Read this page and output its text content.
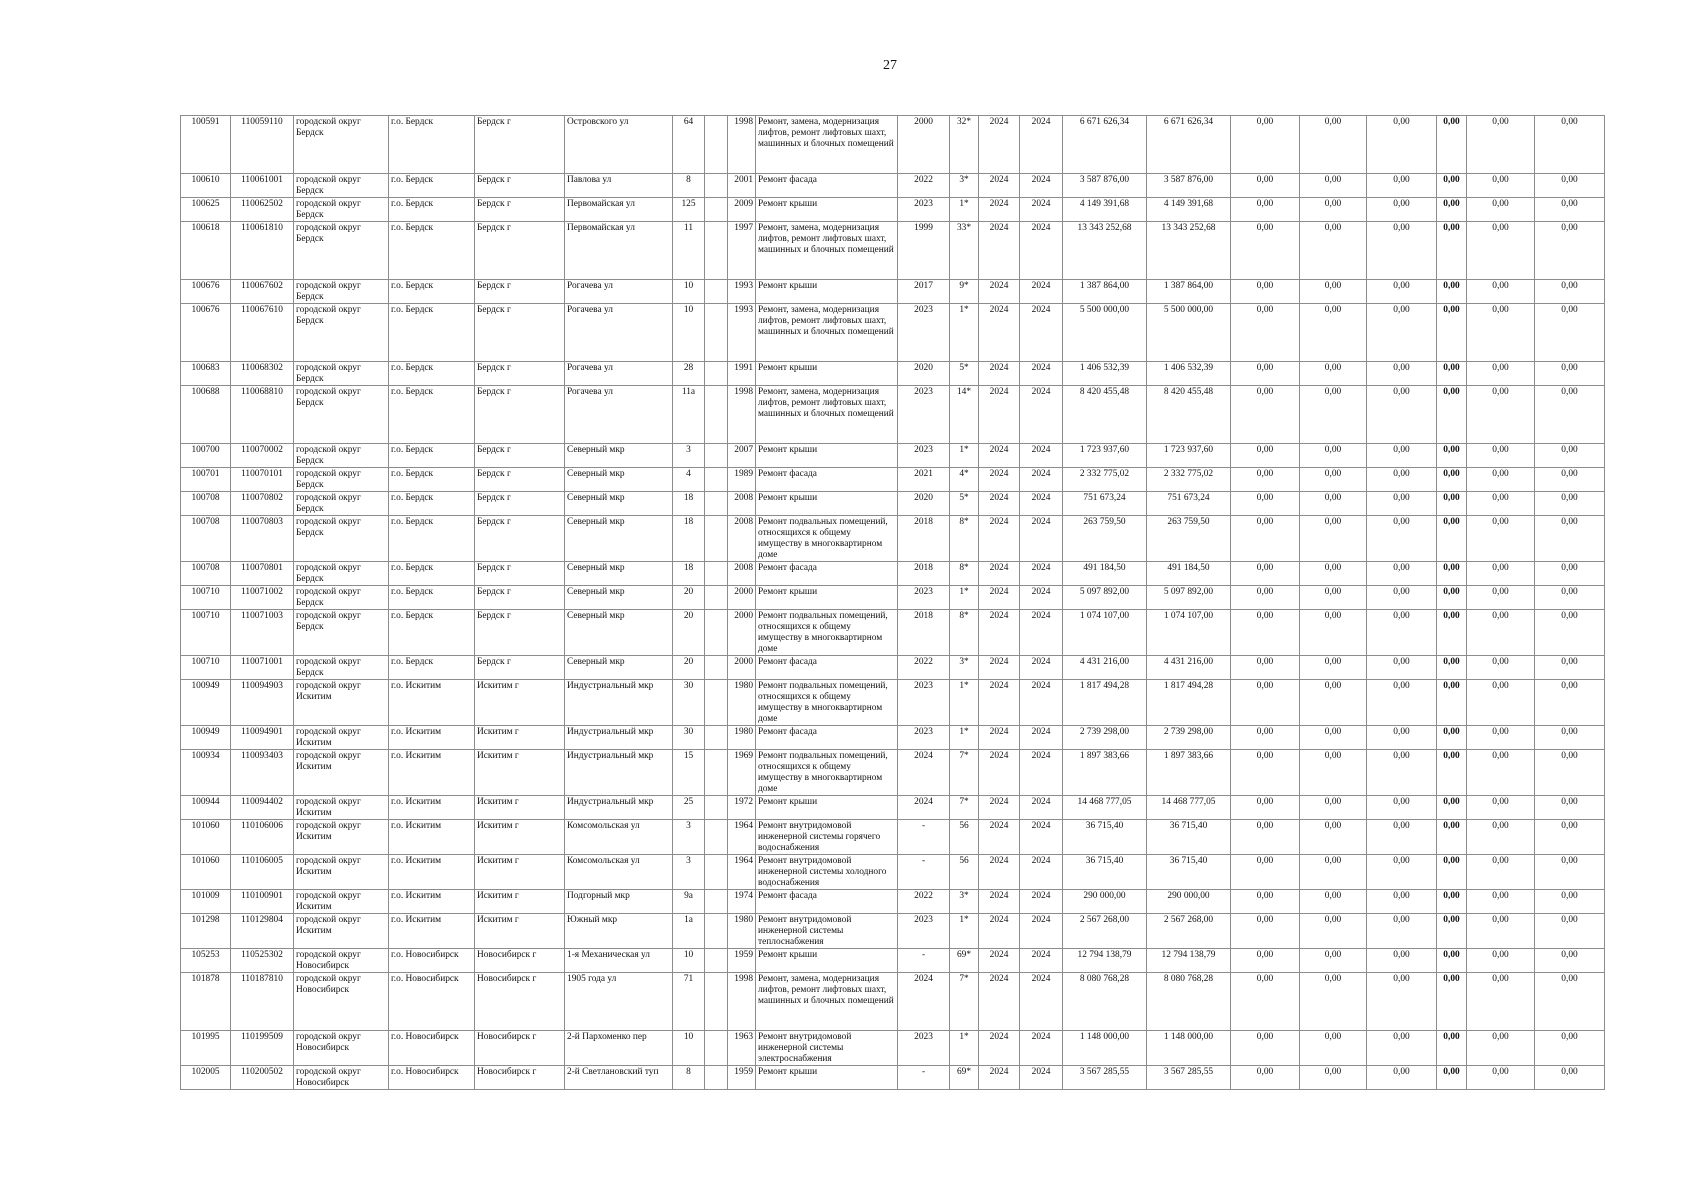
27
100591	110059110	городской округ Бердск	г.о. Бердск	Бердск г	Островского ул	64		1998	Ремонт, замена, модернизация лифтов, ремонт лифтовых шахт, машинных и блочных помещений	2000	32*	2024	2024	6 671 626,34	6 671 626,34	0,00	0,00	0,00	0,00	0,00	0,00
100610	110061001	городской округ Бердск	г.о. Бердск	Бердск г	Павлова ул	8		2001	Ремонт фасада	2022	3*	2024	2024	3 587 876,00	3 587 876,00	0,00	0,00	0,00	0,00	0,00	0,00
100625	110062502	городской округ Бердск	г.о. Бердск	Бердск г	Первомайская ул	125		2009	Ремонт крыши	2023	1*	2024	2024	4 149 391,68	4 149 391,68	0,00	0,00	0,00	0,00	0,00	0,00
100618	110061810	городской округ Бердск	г.о. Бердск	Бердск г	Первомайская ул	11		1997	Ремонт, замена, модернизация лифтов, ремонт лифтовых шахт, машинных и блочных помещений	1999	33*	2024	2024	13 343 252,68	13 343 252,68	0,00	0,00	0,00	0,00	0,00	0,00
100676	110067602	городской округ Бердск	г.о. Бердск	Бердск г	Рогачева ул	10		1993	Ремонт крыши	2017	9*	2024	2024	1 387 864,00	1 387 864,00	0,00	0,00	0,00	0,00	0,00	0,00
100676	110067610	городской округ Бердск	г.о. Бердск	Бердск г	Рогачева ул	10		1993	Ремонт, замена, модернизация лифтов, ремонт лифтовых шахт, машинных и блочных помещений	2023	1*	2024	2024	5 500 000,00	5 500 000,00	0,00	0,00	0,00	0,00	0,00	0,00
100683	110068302	городской округ Бердск	г.о. Бердск	Бердск г	Рогачева ул	28		1991	Ремонт крыши	2020	5*	2024	2024	1 406 532,39	1 406 532,39	0,00	0,00	0,00	0,00	0,00	0,00
100688	110068810	городской округ Бердск	г.о. Бердск	Бердск г	Рогачева ул	11а		1998	Ремонт, замена, модернизация лифтов, ремонт лифтовых шахт, машинных и блочных помещений	2023	14*	2024	2024	8 420 455,48	8 420 455,48	0,00	0,00	0,00	0,00	0,00	0,00
100700	110070002	городской округ Бердск	г.о. Бердск	Бердск г	Северный мкр	3		2007	Ремонт крыши	2023	1*	2024	2024	1 723 937,60	1 723 937,60	0,00	0,00	0,00	0,00	0,00	0,00
100701	110070101	городской округ Бердск	г.о. Бердск	Бердск г	Северный мкр	4		1989	Ремонт фасада	2021	4*	2024	2024	2 332 775,02	2 332 775,02	0,00	0,00	0,00	0,00	0,00	0,00
100708	110070802	городской округ Бердск	г.о. Бердск	Бердск г	Северный мкр	18		2008	Ремонт крыши	2020	5*	2024	2024	751 673,24	751 673,24	0,00	0,00	0,00	0,00	0,00	0,00
100708	110070803	городской округ Бердск	г.о. Бердск	Бердск г	Северный мкр	18		2008	Ремонт подвальных помещений, относящихся к общему имуществу в многоквартирном доме	2018	8*	2024	2024	263 759,50	263 759,50	0,00	0,00	0,00	0,00	0,00	0,00
100708	110070801	городской округ Бердск	г.о. Бердск	Бердск г	Северный мкр	18		2008	Ремонт фасада	2018	8*	2024	2024	491 184,50	491 184,50	0,00	0,00	0,00	0,00	0,00	0,00
100710	110071002	городской округ Бердск	г.о. Бердск	Бердск г	Северный мкр	20		2000	Ремонт крыши	2023	1*	2024	2024	5 097 892,00	5 097 892,00	0,00	0,00	0,00	0,00	0,00	0,00
100710	110071003	городской округ Бердск	г.о. Бердск	Бердск г	Северный мкр	20		2000	Ремонт подвальных помещений, относящихся к общему имуществу в многоквартирном доме	2018	8*	2024	2024	1 074 107,00	1 074 107,00	0,00	0,00	0,00	0,00	0,00	0,00
100710	110071001	городской округ Бердск	г.о. Бердск	Бердск г	Северный мкр	20		2000	Ремонт фасада	2022	3*	2024	2024	4 431 216,00	4 431 216,00	0,00	0,00	0,00	0,00	0,00	0,00
100949	110094903	городской округ Искитим	г.о. Искитим	Искитим г	Индустриальный мкр	30		1980	Ремонт подвальных помещений, относящихся к общему имуществу в многоквартирном доме	2023	1*	2024	2024	1 817 494,28	1 817 494,28	0,00	0,00	0,00	0,00	0,00	0,00
100949	110094901	городской округ Искитим	г.о. Искитим	Искитим г	Индустриальный мкр	30		1980	Ремонт фасада	2023	1*	2024	2024	2 739 298,00	2 739 298,00	0,00	0,00	0,00	0,00	0,00	0,00
100934	110093403	городской округ Искитим	г.о. Искитим	Искитим г	Индустриальный мкр	15		1969	Ремонт подвальных помещений, относящихся к общему имуществу в многоквартирном доме	2024	7*	2024	2024	1 897 383,66	1 897 383,66	0,00	0,00	0,00	0,00	0,00	0,00
100944	110094402	городской округ Искитим	г.о. Искитим	Искитим г	Индустриальный мкр	25		1972	Ремонт крыши	2024	7*	2024	2024	14 468 777,05	14 468 777,05	0,00	0,00	0,00	0,00	0,00	0,00
101060	110106006	городской округ Искитим	г.о. Искитим	Искитим г	Комсомольская ул	3		1964	Ремонт внутридомовой инженерной системы горячего водоснабжения	-	56	2024	2024	36 715,40	36 715,40	0,00	0,00	0,00	0,00	0,00	0,00
101060	110106005	городской округ Искитим	г.о. Искитим	Искитим г	Комсомольская ул	3		1964	Ремонт внутридомовой инженерной системы холодного водоснабжения	-	56	2024	2024	36 715,40	36 715,40	0,00	0,00	0,00	0,00	0,00	0,00
101009	110100901	городской округ Искитим	г.о. Искитим	Искитим г	Подгорный мкр	9а		1974	Ремонт фасада	2022	3*	2024	2024	290 000,00	290 000,00	0,00	0,00	0,00	0,00	0,00	0,00
101298	110129804	городской округ Искитим	г.о. Искитим	Искитим г	Южный мкр	1а		1980	Ремонт внутридомовой инженерной системы теплоснабжения	2023	1*	2024	2024	2 567 268,00	2 567 268,00	0,00	0,00	0,00	0,00	0,00	0,00
105253	110525302	городской округ Новосибирск	г.о. Новосибирск	Новосибирск г	1-я Механическая ул	10		1959	Ремонт крыши	-	69*	2024	2024	12 794 138,79	12 794 138,79	0,00	0,00	0,00	0,00	0,00	0,00
101878	110187810	городской округ Новосибирск	г.о. Новосибирск	Новосибирск г	1905 года ул	71		1998	Ремонт, замена, модернизация лифтов, ремонт лифтовых шахт, машинных и блочных помещений	2024	7*	2024	2024	8 080 768,28	8 080 768,28	0,00	0,00	0,00	0,00	0,00	0,00
101995	110199509	городской округ Новосибирск	г.о. Новосибирск	Новосибирск г	2-й Пархоменко пер	10		1963	Ремонт внутридомовой инженерной системы электроснабжения	2023	1*	2024	2024	1 148 000,00	1 148 000,00	0,00	0,00	0,00	0,00	0,00	0,00
102005	110200502	городской округ Новосибирск	г.о. Новосибирск	Новосибирск г	2-й Светлановский туп	8		1959	Ремонт крыши	-	69*	2024	2024	3 567 285,55	3 567 285,55	0,00	0,00	0,00	0,00	0,00	0,00
